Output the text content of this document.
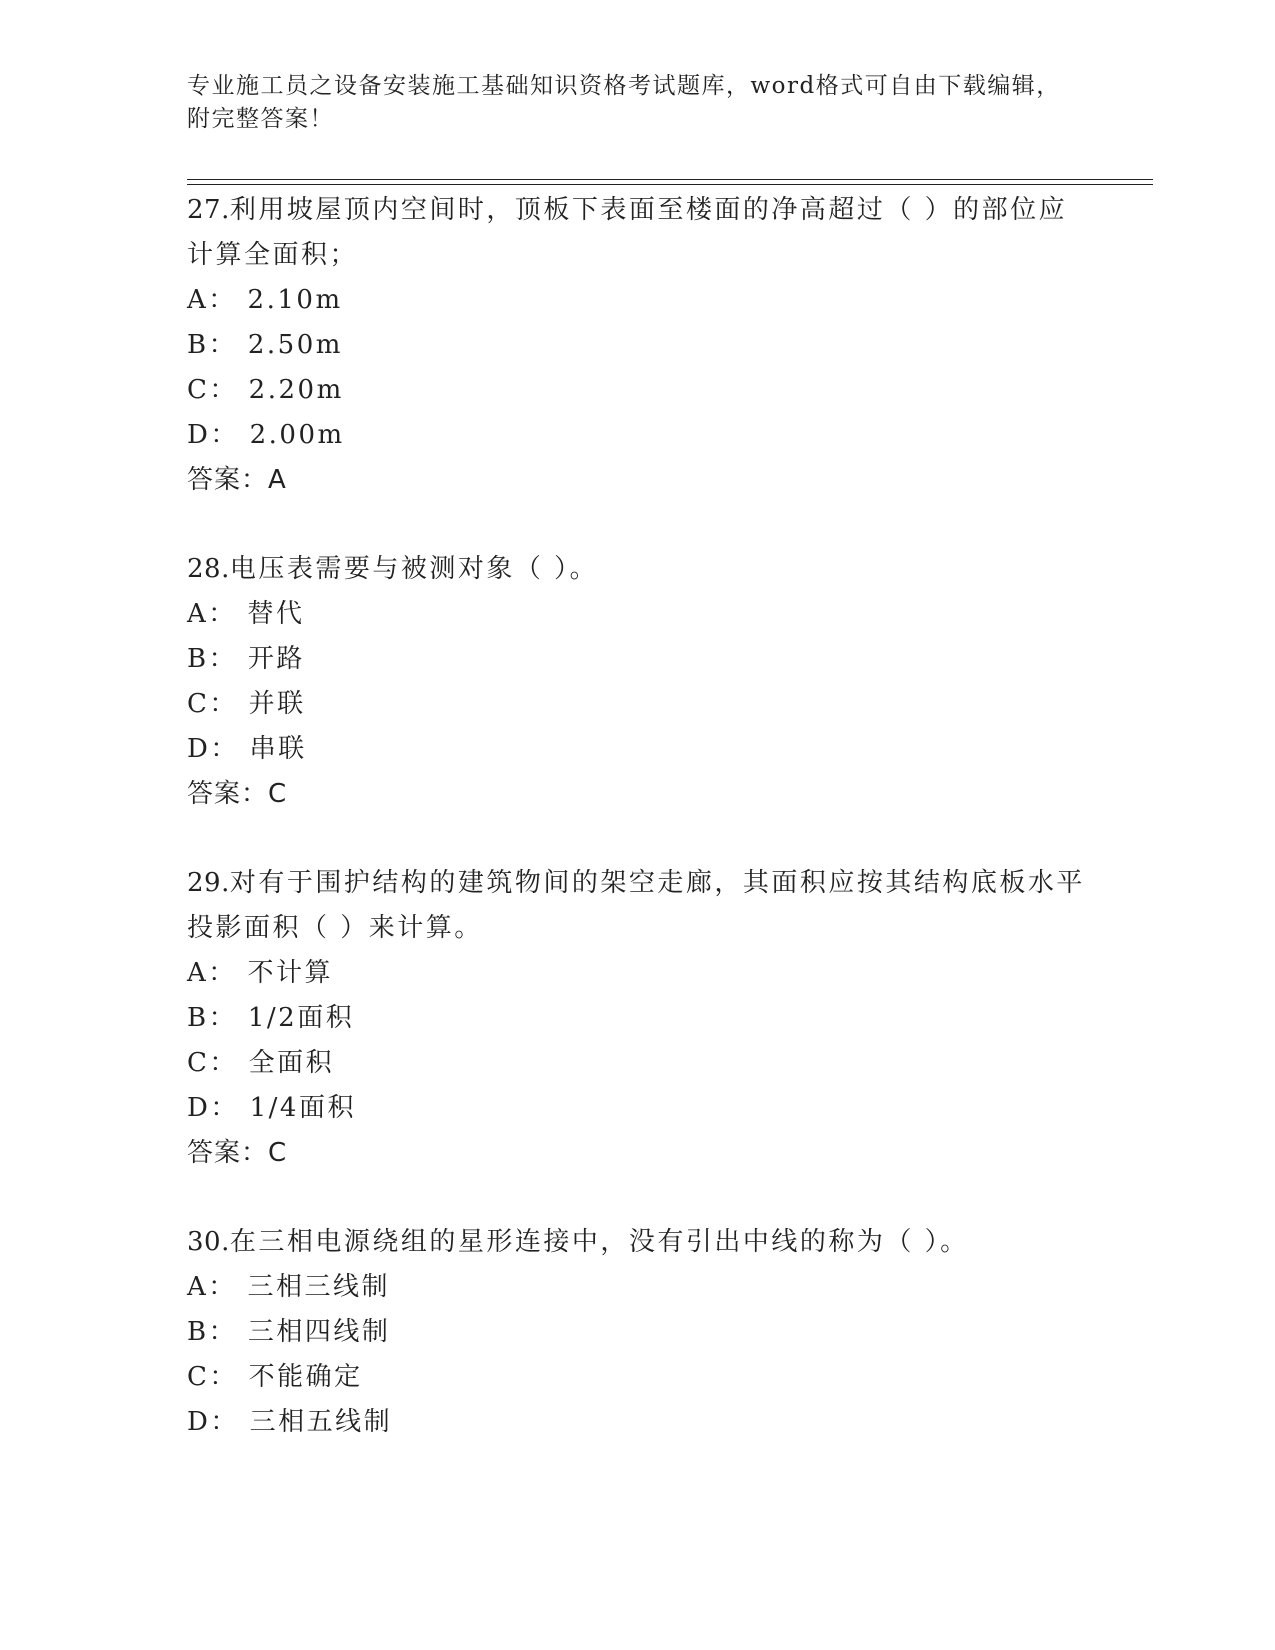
专业施工员之设备安装施工基础知识资格考试题库，word格式可自由下载编辑，
附完整答案！

27.利用坡屋顶内空间时，顶板下表面至楼面的净高超过（ ）的部位应计算全面积；

A： 2.10m
B： 2.50m
C： 2.20m
D： 2.00m
答案：A

28.电压表需要与被测对象（ ）。

A： 替代
B： 开路
C： 并联
D： 串联
答案：C

29.对有于围护结构的建筑物间的架空走廊，其面积应按其结构底板水平投影面积（ ）来计算。

A： 不计算
B： 1/2面积
C： 全面积
D： 1/4面积
答案：C

30.在三相电源绕组的星形连接中，没有引出中线的称为（ ）。

A： 三相三线制
B： 三相四线制
C： 不能确定
D： 三相五线制
